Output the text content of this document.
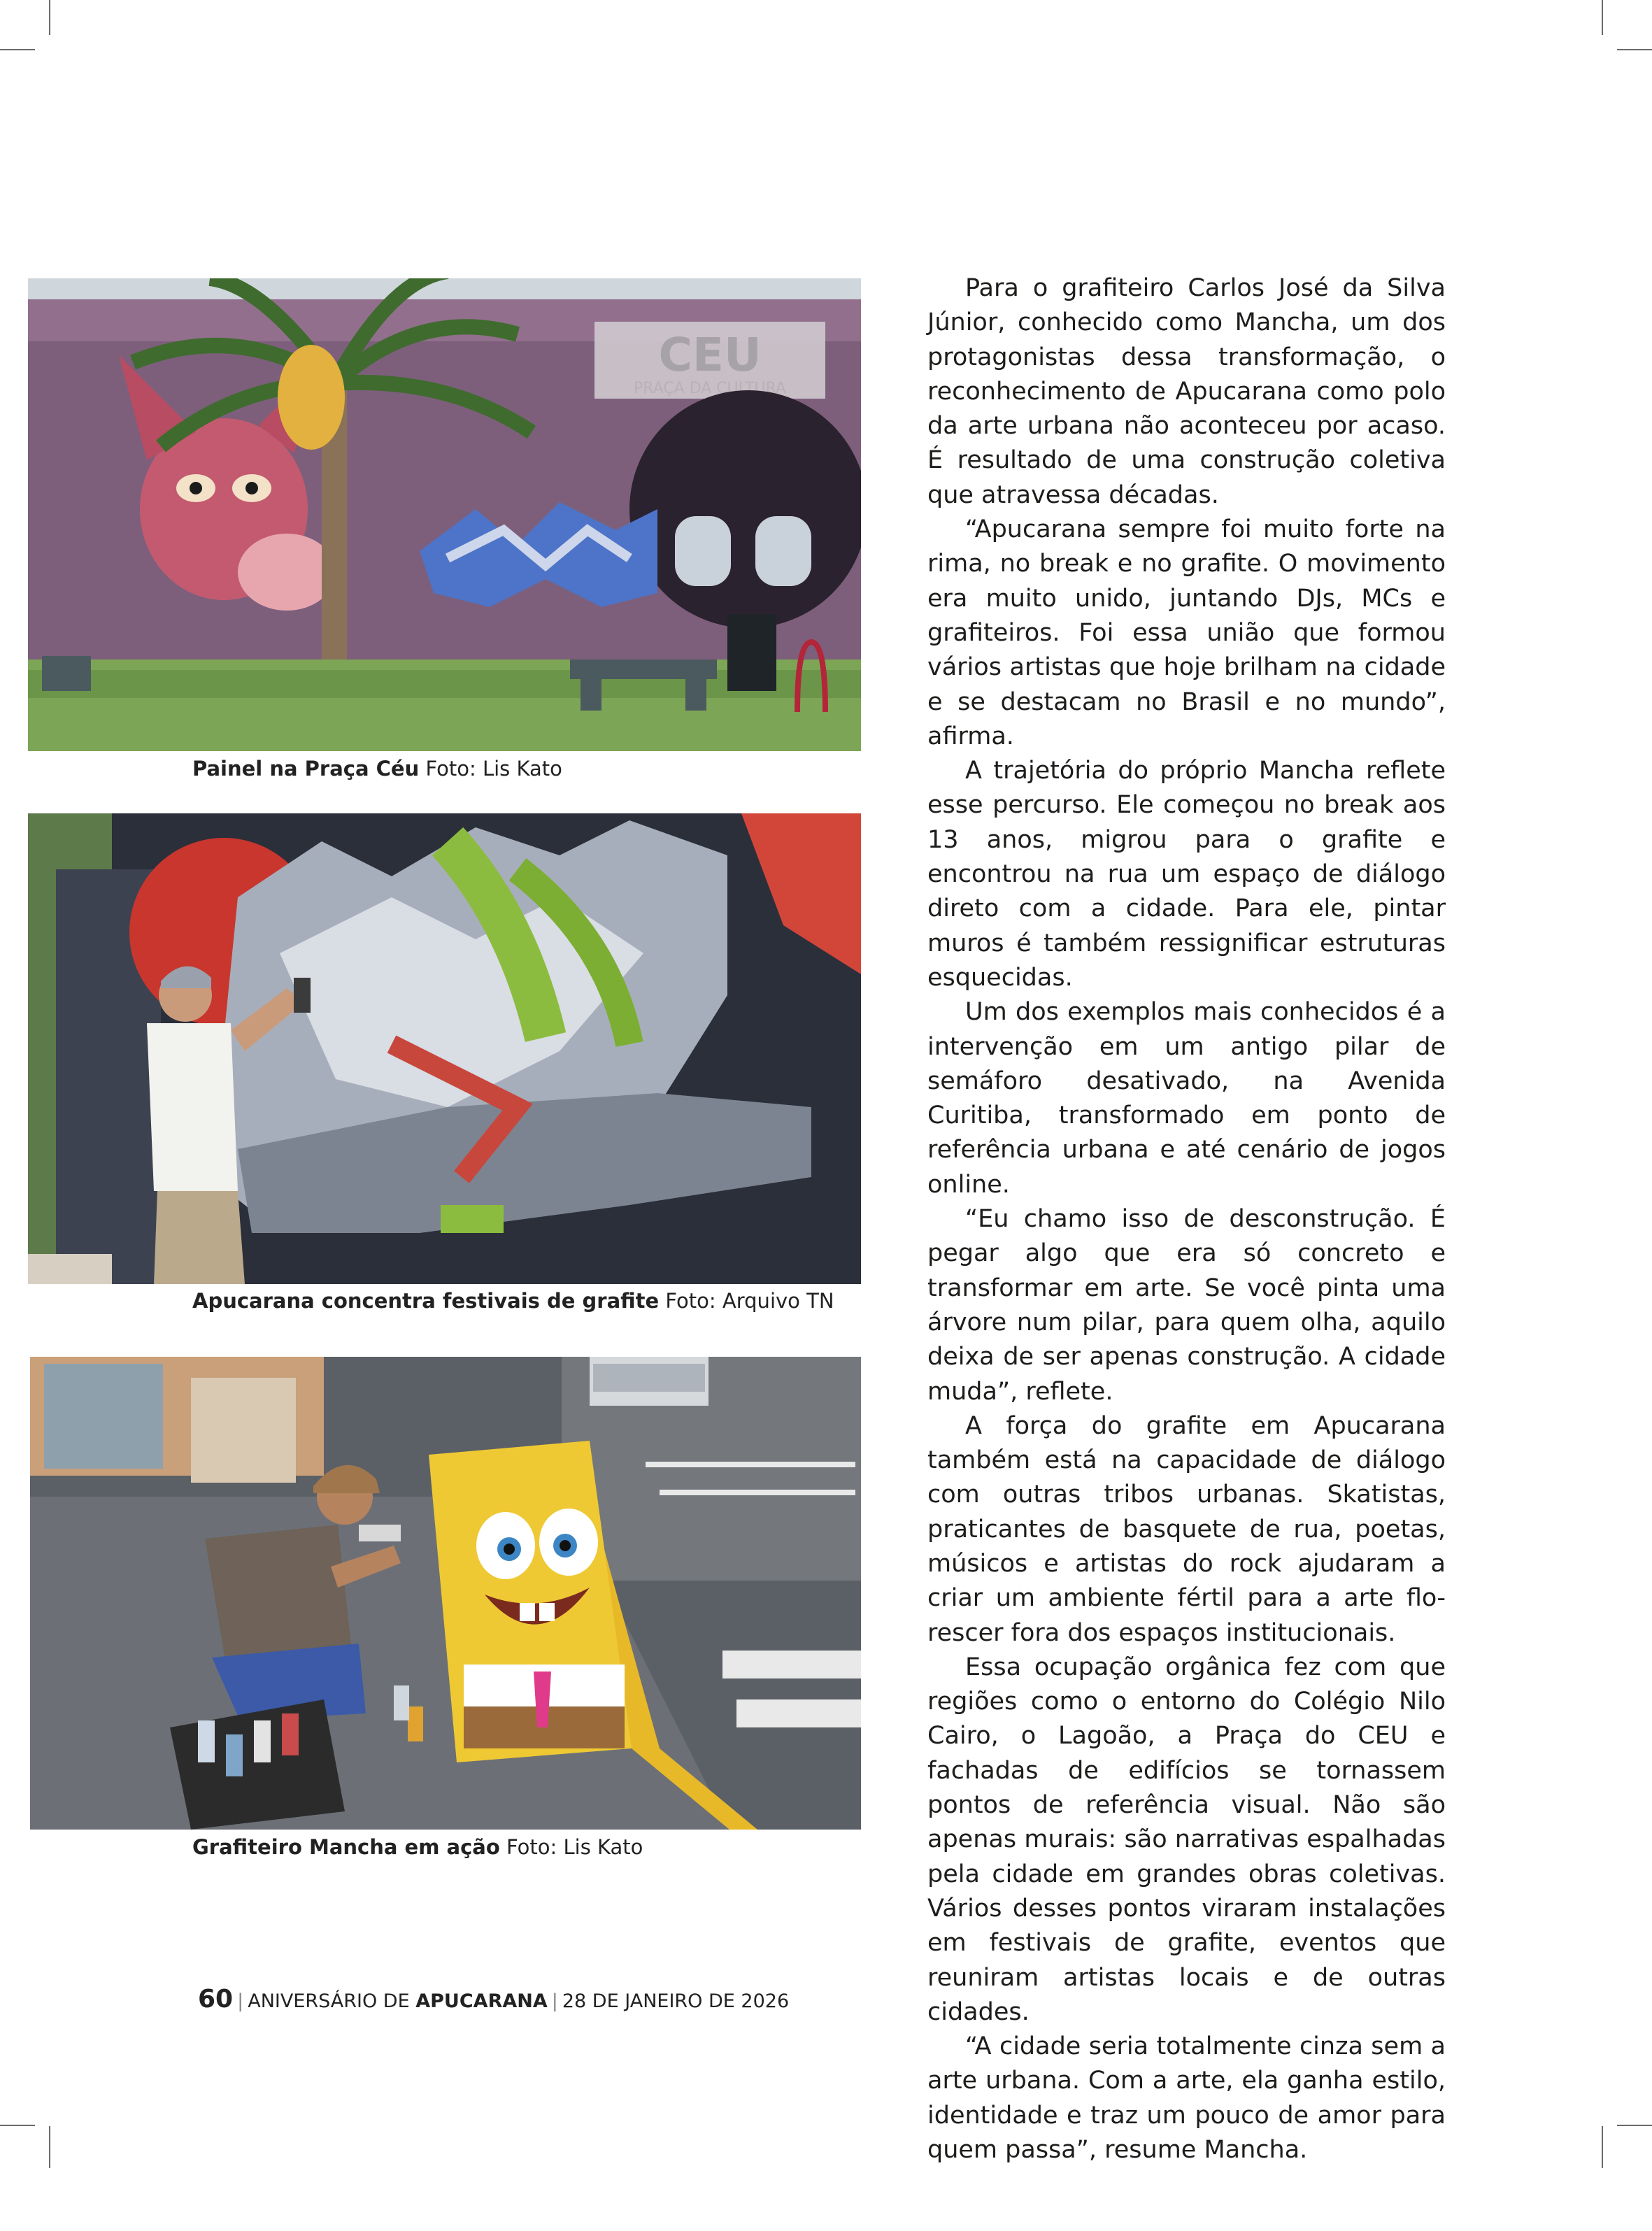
CEU
PRAÇA DA CULTURA
Painel na Praça Céu Foto: Lis Kato
Apucarana concentra festivais de grafite Foto: Arquivo TN
Grafiteiro Mancha em ação Foto: Lis Kato

Para o grafiteiro Carlos José da Silva Júnior, conhecido como Mancha, um dos protagonistas dessa transformação, o reconhecimento de Apucarana como polo da arte urbana não aconteceu por acaso. É resultado de uma construção coletiva que atravessa décadas.

“Apucarana sempre foi muito forte na rima, no break e no grafite. O movimento era muito unido, juntando DJs, MCs e grafiteiros. Foi essa união que formou vários artistas que hoje brilham na cidade e se destacam no Brasil e no mundo”, afirma.

A trajetória do próprio Mancha reflete esse percurso. Ele começou no break aos 13 anos, migrou para o grafite e encontrou na rua um espaço de diálogo direto com a cidade. Para ele, pintar muros é também ressignificar estruturas esquecidas.

Um dos exemplos mais conhecidos é a intervenção em um antigo pilar de semáforo desativado, na Avenida Curitiba, transformado em ponto de referência urbana e até cenário de jogos online.

“Eu chamo isso de desconstrução. É pegar algo que era só concreto e transformar em arte. Se você pinta uma árvore num pilar, para quem olha, aquilo deixa de ser apenas construção. A cidade muda”, reflete.

A força do grafite em Apucarana também está na capacidade de diálogo com outras tribos urbanas. Skatistas, praticantes de basquete de rua, poetas, músicos e artistas do rock ajudaram a criar um ambiente fértil para a arte florescer fora dos espaços institucionais.

Essa ocupação orgânica fez com que regiões como o entorno do Colégio Nilo Cairo, o Lagoão, a Praça do CEU e fachadas de edifícios se tornassem pontos de referência visual. Não são apenas murais: são narrativas espalhadas pela cidade em grandes obras coletivas. Vários desses pontos viraram instalações em festivais de grafite, eventos que reuniram artistas locais e de outras cidades.

“A cidade seria totalmente cinza sem a arte urbana. Com a arte, ela ganha estilo, identidade e traz um pouco de amor para quem passa”, resume Mancha.

60 | ANIVERSÁRIO DE APUCARANA | 28 DE JANEIRO DE 2026
